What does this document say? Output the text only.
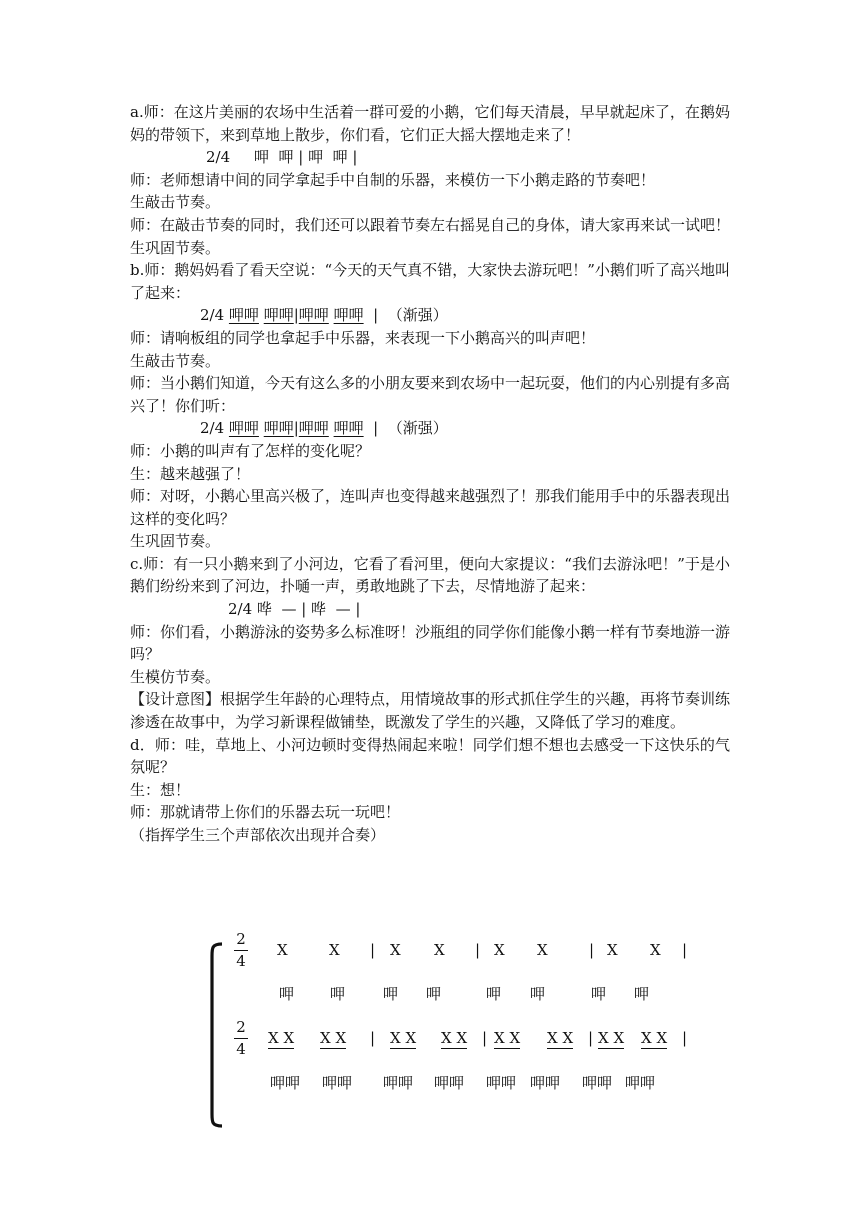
a.师：在这片美丽的农场中生活着一群可爱的小鹅，它们每天清晨，早早就起床了，在鹅妈妈的带领下，来到草地上散步，你们看，它们正大摇大摆地走来了！

2/4     呷  呷 | 呷  呷 |

师：老师想请中间的同学拿起手中自制的乐器，来模仿一下小鹅走路的节奏吧！

生敲击节奏。

师：在敲击节奏的同时，我们还可以跟着节奏左右摇晃自己的身体，请大家再来试一试吧！

生巩固节奏。

b.师：鹅妈妈看了看天空说：“今天的天气真不错，大家快去游玩吧！”小鹅们听了高兴地叫了起来：

2/4 呷呷 呷呷|呷呷 呷呷  |  （渐强）

师：请响板组的同学也拿起手中乐器，来表现一下小鹅高兴的叫声吧！

生敲击节奏。

师：当小鹅们知道，今天有这么多的小朋友要来到农场中一起玩耍，他们的内心别提有多高兴了！你们听：

2/4 呷呷 呷呷|呷呷 呷呷  |  （渐强）

师：小鹅的叫声有了怎样的变化呢？

生：越来越强了！

师：对呀，小鹅心里高兴极了，连叫声也变得越来越强烈了！那我们能用手中的乐器表现出这样的变化吗？

生巩固节奏。

c.师：有一只小鹅来到了小河边，它看了看河里，便向大家提议：“我们去游泳吧！”于是小鹅们纷纷来到了河边，扑嗵一声，勇敢地跳了下去，尽情地游了起来：

2/4 哗  — | 哗  — |

师：你们看，小鹅游泳的姿势多么标准呀！沙瓶组的同学你们能像小鹅一样有节奏地游一游吗？

生模仿节奏。

【设计意图】根据学生年龄的心理特点，用情境故事的形式抓住学生的兴趣，再将节奏训练渗透在故事中，为学习新课程做铺垫，既激发了学生的兴趣，又降低了学习的难度。

d．师：哇，草地上、小河边顿时变得热闹起来啦！同学们想不想也去感受一下这快乐的气氛呢？

生：想！

师：那就请带上你们的乐器去玩一玩吧！

（指挥学生三个声部依次出现并合奏）

2
4
X	X | X X | X X	| X X |
呷 呷	呷 呷	呷 呷	呷 呷
2
4
X X X X | X X X X | X X X X | X X X X |
呷呷 呷呷 呷呷 呷呷 呷呷 呷呷 呷呷 呷呷
